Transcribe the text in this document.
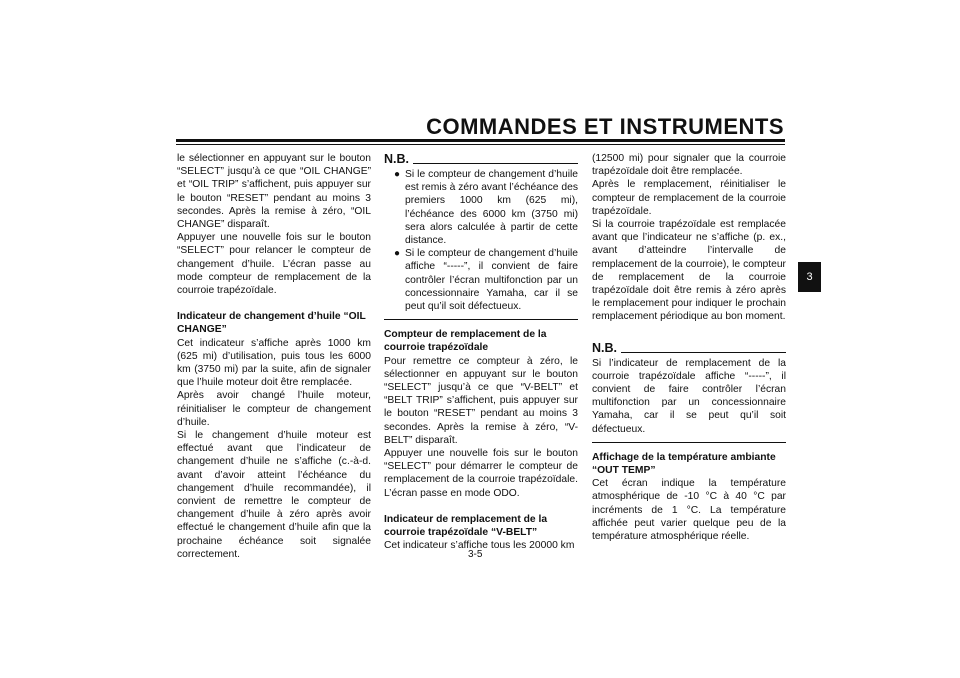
COMMANDES ET INSTRUMENTS
3

le sélectionner en appuyant sur le bouton “SELECT” jusqu’à ce que “OIL CHANGE” et “OIL TRIP” s’affichent, puis appuyer sur le bouton “RESET” pendant au moins 3 secondes. Après la remise à zéro, “OIL CHANGE” disparaît.

Appuyer une nouvelle fois sur le bouton “SELECT” pour relancer le compteur de changement d’huile. L’écran passe au mode compteur de remplacement de la courroie trapézoïdale.

Indicateur de changement d’huile “OIL CHANGE”

Cet indicateur s’affiche après 1000 km (625 mi) d’utilisation, puis tous les 6000 km (3750 mi) par la suite, afin de signaler que l’huile moteur doit être remplacée.

Après avoir changé l’huile moteur, réinitialiser le compteur de changement d’huile.

Si le changement d’huile moteur est effectué avant que l’indicateur de changement d’huile ne s’affiche (c.-à-d. avant d’avoir atteint l’échéance du changement d’huile recommandée), il convient de remettre le compteur de changement d’huile à zéro après avoir effectué le changement d’huile afin que la prochaine échéance soit signalée correctement.

N.B.
● Si le compteur de changement d’huile est remis à zéro avant l’échéance des premiers 1000 km (625 mi), l’échéance des 6000 km (3750 mi) sera alors calculée à partir de cette distance.
● Si le compteur de changement d’huile affiche “-----”, il convient de faire contrôler l’écran multifonction par un concessionnaire Yamaha, car il se peut qu’il soit défectueux.
Compteur de remplacement de la courroie trapézoïdale

Pour remettre ce compteur à zéro, le sélectionner en appuyant sur le bouton “SELECT” jusqu’à ce que “V-BELT” et “BELT TRIP” s’affichent, puis appuyer sur le bouton “RESET” pendant au moins 3 secondes. Après la remise à zéro, “V-BELT” disparaît.

Appuyer une nouvelle fois sur le bouton “SELECT” pour démarrer le compteur de remplacement de la courroie trapézoïdale. L’écran passe en mode ODO.

Indicateur de remplacement de la courroie trapézoïdale “V-BELT”

Cet indicateur s’affiche tous les 20000 km

(12500 mi) pour signaler que la courroie trapézoïdale doit être remplacée.

Après le remplacement, réinitialiser le compteur de remplacement de la courroie trapézoïdale.

Si la courroie trapézoïdale est remplacée avant que l’indicateur ne s’affiche (p. ex., avant d’atteindre l’intervalle de remplacement de la courroie), le compteur de remplacement de la courroie trapézoïdale doit être remis à zéro après le remplacement pour indiquer le prochain remplacement périodique au bon moment.

N.B.

Si l’indicateur de remplacement de la courroie trapézoïdale affiche “-----”, il convient de faire contrôler l’écran multifonction par un concessionnaire Yamaha, car il se peut qu’il soit défectueux.

Affichage de la température ambiante “OUT TEMP”

Cet écran indique la température atmosphérique de -10 °C à 40 °C par incréments de 1 °C. La température affichée peut varier quelque peu de la température atmosphérique réelle.

3-5
